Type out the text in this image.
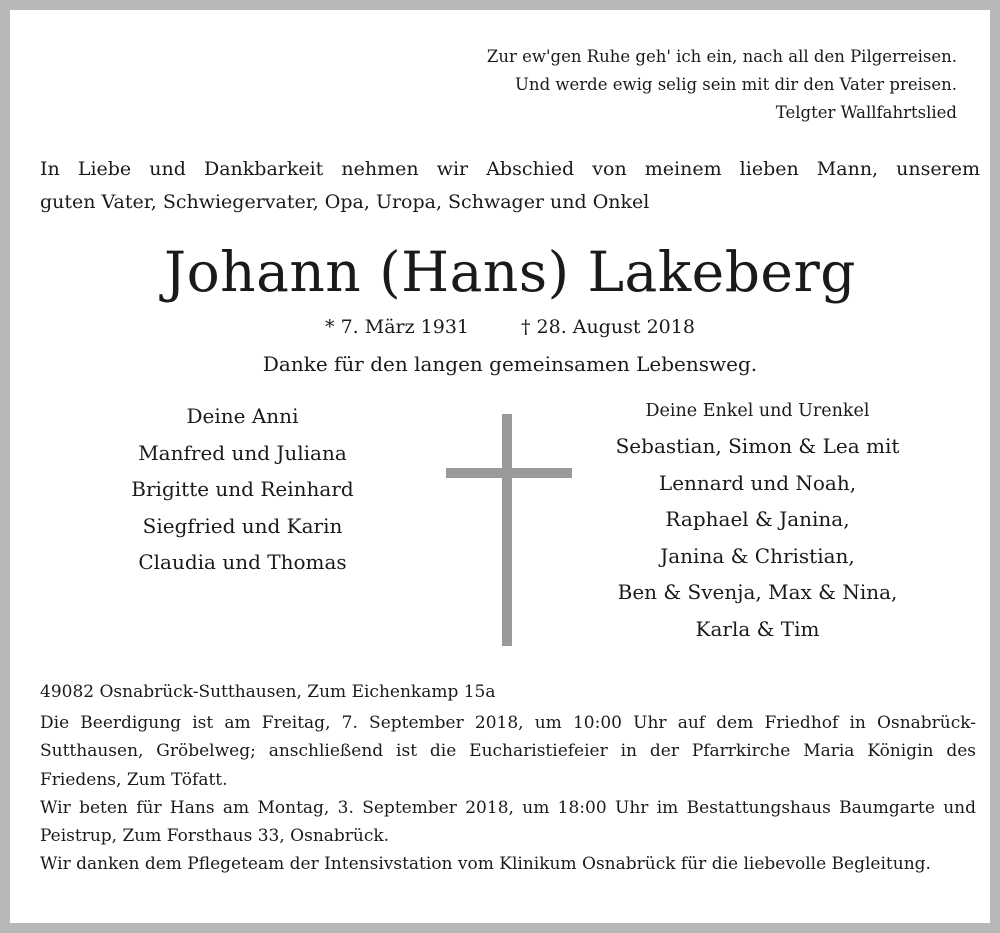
Zur ew'gen Ruhe geh' ich ein, nach all den Pilgerreisen.
Und werde ewig selig sein mit dir den Vater preisen.
Telgter Wallfahrtslied
In Liebe und Dankbarkeit nehmen wir Abschied von meinem lieben Mann, unserem
guten Vater, Schwiegervater, Opa, Uropa, Schwager und Onkel
Johann (Hans) Lakeberg
* 7. März 1931	† 28. August 2018
Danke für den langen gemeinsamen Lebensweg.
Deine Anni
Manfred und Juliana
Brigitte und Reinhard
Siegfried und Karin
Claudia und Thomas
Deine Enkel und Urenkel
Sebastian, Simon & Lea mit
Lennard und Noah,
Raphael & Janina,
Janina & Christian,
Ben & Svenja, Max & Nina,
Karla & Tim
49082 Osnabrück-Sutthausen, Zum Eichenkamp 15a
Die Beerdigung ist am Freitag, 7. September 2018, um 10:00 Uhr auf dem Friedhof in Osnabrück-Sutthausen, Gröbelweg; anschließend ist die Eucharistiefeier in der Pfarrkirche Maria Königin des Friedens, Zum Töfatt.
Wir beten für Hans am Montag, 3. September 2018, um 18:00 Uhr im Bestattungshaus Baumgarte und Peistrup, Zum Forsthaus 33, Osnabrück.
Wir danken dem Pflegeteam der Intensivstation vom Klinikum Osnabrück für die liebevolle Begleitung.
